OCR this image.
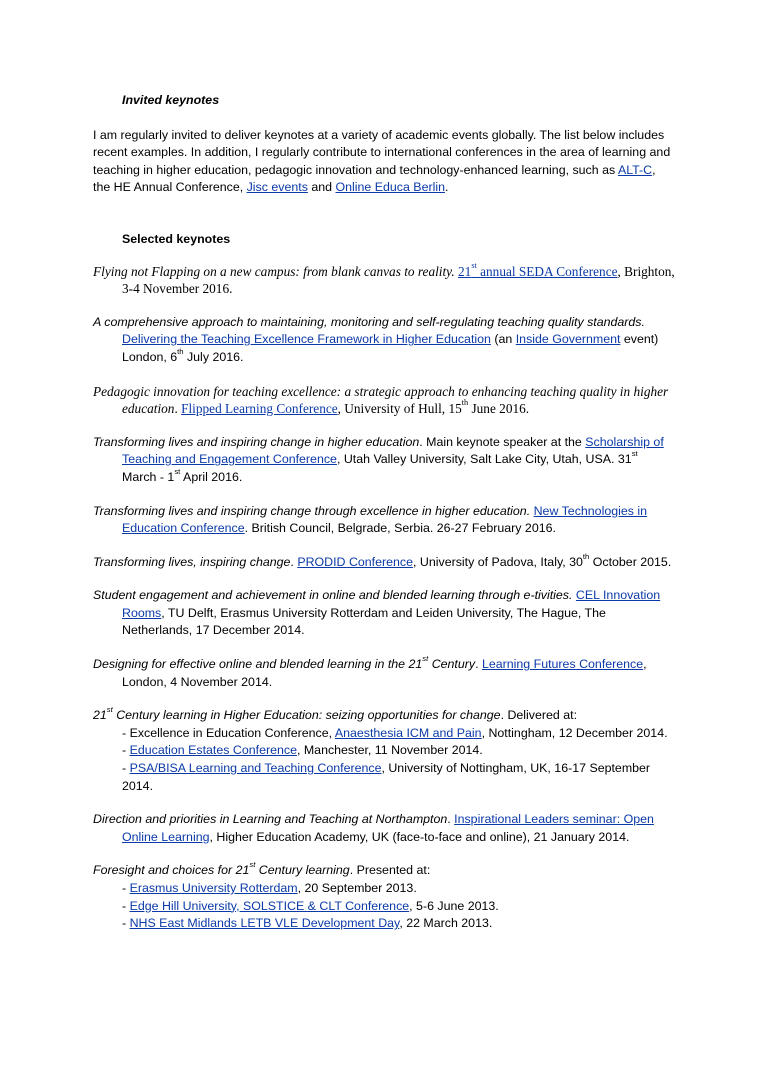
Invited keynotes
I am regularly invited to deliver keynotes at a variety of academic events globally. The list below includes recent examples. In addition, I regularly contribute to international conferences in the area of learning and teaching in higher education, pedagogic innovation and technology-enhanced learning, such as ALT-C, the HE Annual Conference, Jisc events and Online Educa Berlin.
Selected keynotes
Flying not Flapping on a new campus: from blank canvas to reality. 21st annual SEDA Conference, Brighton, 3-4 November 2016.
A comprehensive approach to maintaining, monitoring and self-regulating teaching quality standards. Delivering the Teaching Excellence Framework in Higher Education (an Inside Government event) London, 6th July 2016.
Pedagogic innovation for teaching excellence: a strategic approach to enhancing teaching quality in higher education. Flipped Learning Conference, University of Hull, 15th June 2016.
Transforming lives and inspiring change in higher education. Main keynote speaker at the Scholarship of Teaching and Engagement Conference, Utah Valley University, Salt Lake City, Utah, USA. 31st March - 1st April 2016.
Transforming lives and inspiring change through excellence in higher education. New Technologies in Education Conference. British Council, Belgrade, Serbia. 26-27 February 2016.
Transforming lives, inspiring change. PRODID Conference, University of Padova, Italy, 30th October 2015.
Student engagement and achievement in online and blended learning through e-tivities. CEL Innovation Rooms, TU Delft, Erasmus University Rotterdam and Leiden University, The Hague, The Netherlands, 17 December 2014.
Designing for effective online and blended learning in the 21st Century. Learning Futures Conference, London, 4 November 2014.
21st Century learning in Higher Education: seizing opportunities for change. Delivered at:
- Excellence in Education Conference, Anaesthesia ICM and Pain, Nottingham, 12 December 2014.
- Education Estates Conference, Manchester, 11 November 2014.
- PSA/BISA Learning and Teaching Conference, University of Nottingham, UK, 16-17 September 2014.
Direction and priorities in Learning and Teaching at Northampton. Inspirational Leaders seminar: Open Online Learning, Higher Education Academy, UK (face-to-face and online), 21 January 2014.
Foresight and choices for 21st Century learning. Presented at:
- Erasmus University Rotterdam, 20 September 2013.
- Edge Hill University, SOLSTICE & CLT Conference, 5-6 June 2013.
- NHS East Midlands LETB VLE Development Day, 22 March 2013.
